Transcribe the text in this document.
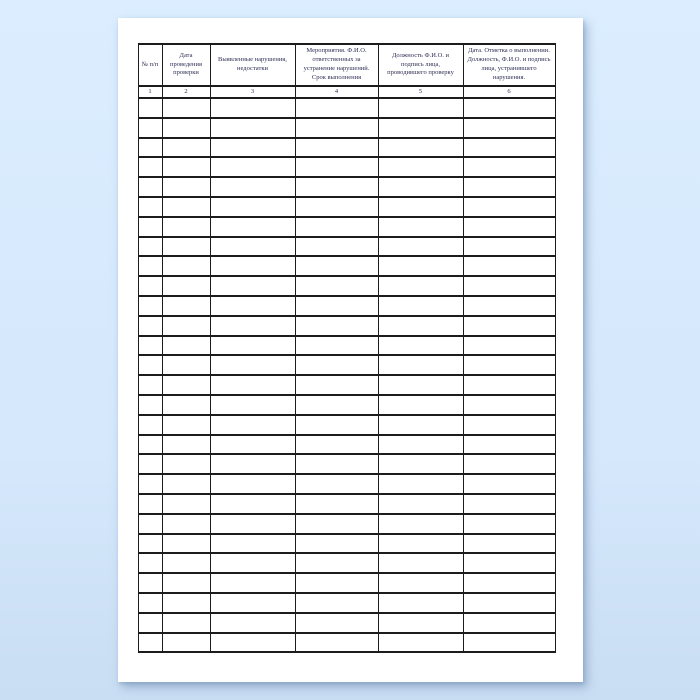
№ п/п	Дата проведения проверки	Выявленные нарушения, недостатки	Мероприятия. Ф.И.О. ответственных за устранение нарушений. Срок выполнения	Должность Ф.И.О. и подпись лица, проводившего проверку	Дата. Отметка о выполнении. Должность, Ф.И.О. и подпись лица, устранившего нарушения.
1	2	3	4	5	6
